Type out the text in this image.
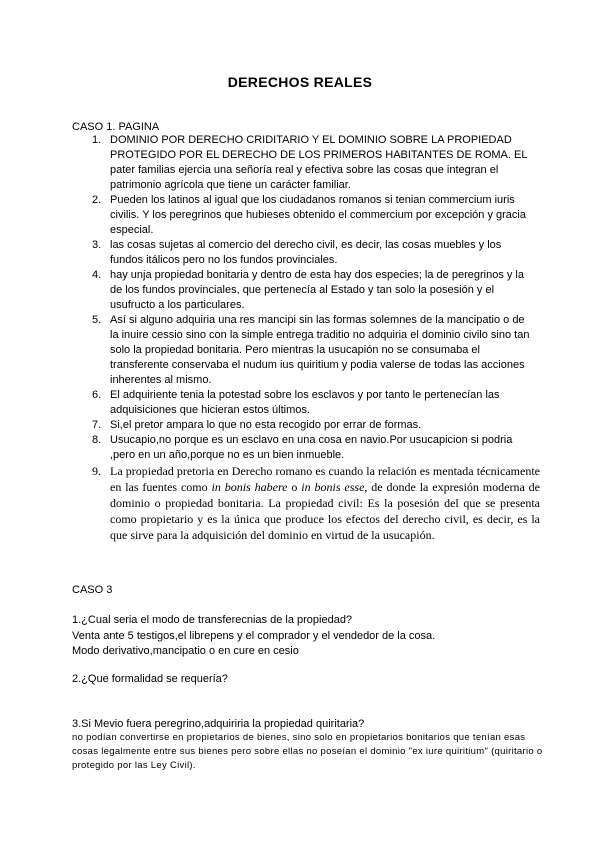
DERECHOS REALES
CASO 1. PAGINA
1. DOMINIO POR DERECHO CRIDITARIO Y EL DOMINIO SOBRE LA PROPIEDAD PROTEGIDO POR EL DERECHO DE LOS PRIMEROS HABITANTES DE ROMA. EL pater familias ejercia una señoría real y efectiva sobre las cosas que integran el patrimonio agrícola que tiene un carácter familiar.
2. Pueden los latinos al igual que los ciudadanos romanos si tenian commercium iuris civilis. Y los peregrinos que hubieses obtenido el commercium por excepción y gracia especial.
3. las cosas sujetas al comercio del derecho civil, es decir, las cosas muebles y los fundos itálicos pero no los fundos provinciales.
4. hay unja propiedad bonitaria y dentro de esta hay dos especies; la de peregrinos y la de los fundos provinciales, que pertenecía al Estado y tan solo la posesión y el usufructo a los particulares.
5. Así si alguno adquiria una res mancipi sin las formas solemnes de la mancipatio o de la inuire cessio sino con la simple entrega traditio no adquiria el dominio civilo sino tan solo la propiedad bonitaria. Pero mientras la usucapión no se consumaba el transferente conservaba el nudum ius quiritium y podia valerse de todas las acciones inherentes al mismo.
6. El adquiriente tenia la potestad sobre los esclavos y por tanto le pertenecían las adquisiciones que hicieran estos últimos.
7. Si,el pretor ampara lo que no esta recogido por errar de formas.
8. Usucapio,no porque es un esclavo en una cosa en navio.Por usucapicion si podria ,pero en un año,porque no es un bien inmueble.
9. La propiedad pretoria en Derecho romano es cuando la relación es mentada técnicamente en las fuentes como in bonis habere o in bonis esse, de donde la expresión moderna de dominio o propiedad bonitaria. La propiedad civil: Es la posesión del que se presenta como propietario y es la única que produce los efectos del derecho civil, es decir, es la que sirve para la adquisición del dominio en virtud de la usucapión.
CASO 3
1.¿Cual seria el modo de transferecnias de la propiedad?
Venta ante 5 testigos,el librepens y el comprador y el vendedor de la cosa.
Modo derivativo,mancipatio o en cure en cesio
2.¿Que formalidad se requería?
3.Si Mevio fuera peregrino,adquiriria la propiedad quiritaria?
no podían convertirse en propietarios de bienes, sino solo en propietarios bonitarios que tenían esas cosas legalmente entre sus bienes pero sobre ellas no poseían el dominio "ex iure quiritium" (quiritario o protegido por las Ley Civil).
